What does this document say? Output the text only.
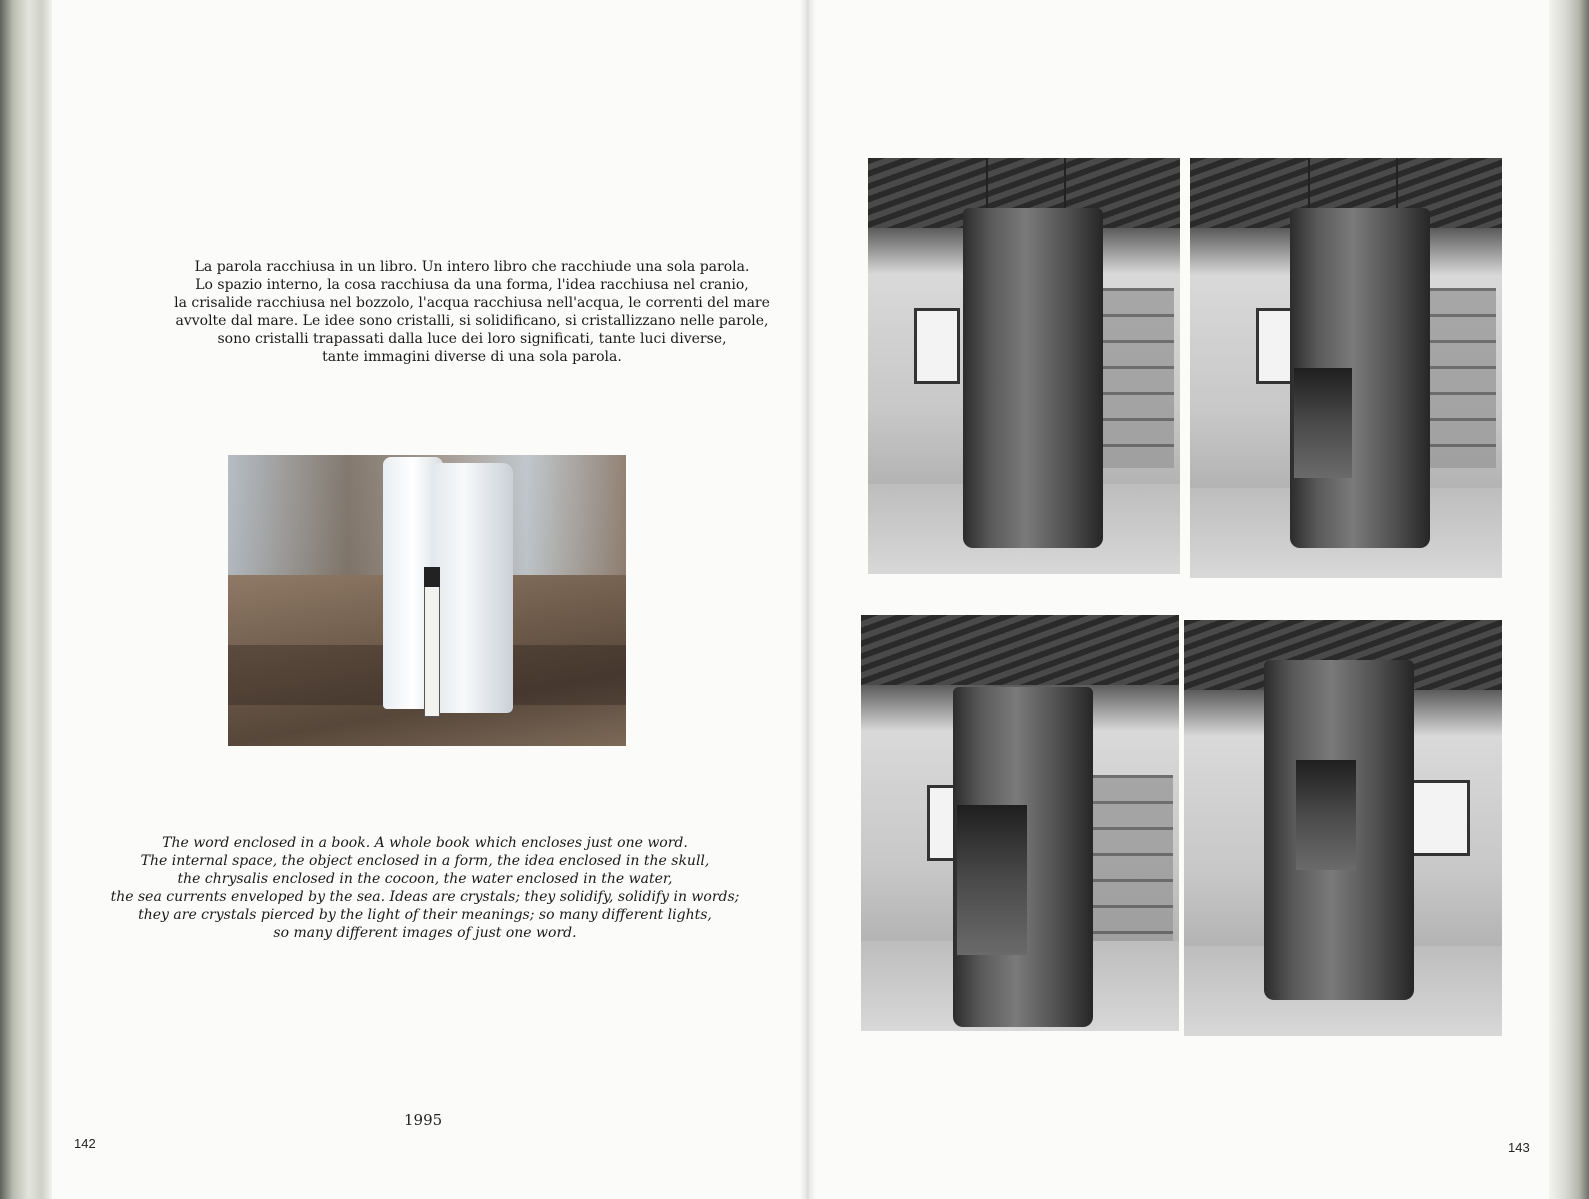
La parola racchiusa in un libro. Un intero libro che racchiude una sola parola.
Lo spazio interno, la cosa racchiusa da una forma, l'idea racchiusa nel cranio,
la crisalide racchiusa nel bozzolo, l'acqua racchiusa nell'acqua, le correnti del mare
avvolte dal mare. Le idee sono cristalli, si solidificano, si cristallizzano nelle parole,
sono cristalli trapassati dalla luce dei loro significati, tante luci diverse,
tante immagini diverse di una sola parola.
The word enclosed in a book. A whole book which encloses just one word.
The internal space, the object enclosed in a form, the idea enclosed in the skull,
the chrysalis enclosed in the cocoon, the water enclosed in the water,
the sea currents enveloped by the sea. Ideas are crystals; they solidify, solidify in words;
they are crystals pierced by the light of their meanings; so many different lights,
so many different images of just one word.
142
1995
143
